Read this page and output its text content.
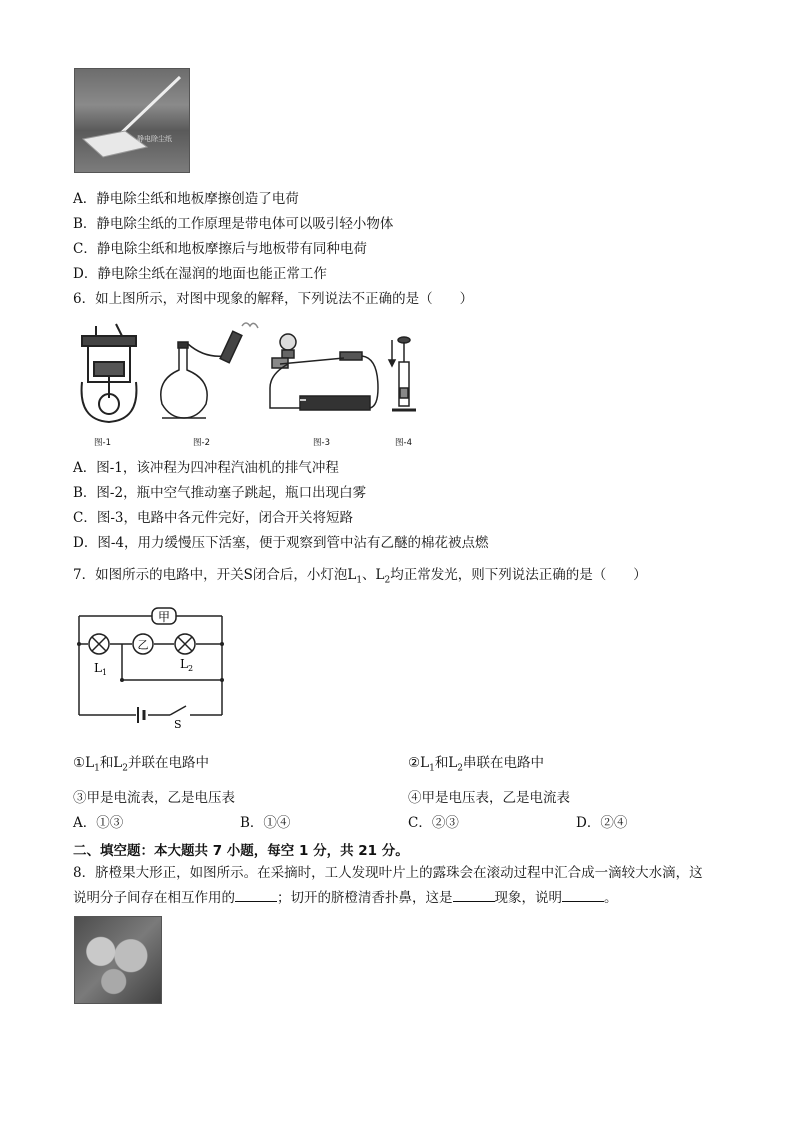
静电除尘纸
A．静电除尘纸和地板摩擦创造了电荷
B．静电除尘纸的工作原理是带电体可以吸引轻小物体
C．静电除尘纸和地板摩擦后与地板带有同种电荷
D．静电除尘纸在湿润的地面也能正常工作
6．如上图所示，对图中现象的解释，下列说法不正确的是（　　）
图-1	图-2	图-3	图-4
A．图-1，该冲程为四冲程汽油机的排气冲程
B．图-2，瓶中空气推动塞子跳起，瓶口出现白雾
C．图-3，电路中各元件完好，闭合开关将短路
D．图-4，用力缓慢压下活塞，便于观察到管中沾有乙醚的棉花被点燃
7．如图所示的电路中，开关S闭合后，小灯泡$L_1$、$L_2$均正常发光，则下列说法正确的是（　　）
甲
乙
$L_1$
$L_2$
S
$①L_1$和$L_2$并联在电路中	$②L_1$和$L_2$串联在电路中
③甲是电流表，乙是电压表	④甲是电压表，乙是电流表
A．①③	B．①④	C．②③	D．②④
二、填空题：本大题共 7 小题，每空 1 分，共 21 分。
8．脐橙果大形正，如图所示。在采摘时，工人发现叶片上的露珠会在滚动过程中汇合成一滴较大水滴，这
说明分子间存在相互作用的	；切开的脐橙清香扑鼻，这是	现象，说明	。
